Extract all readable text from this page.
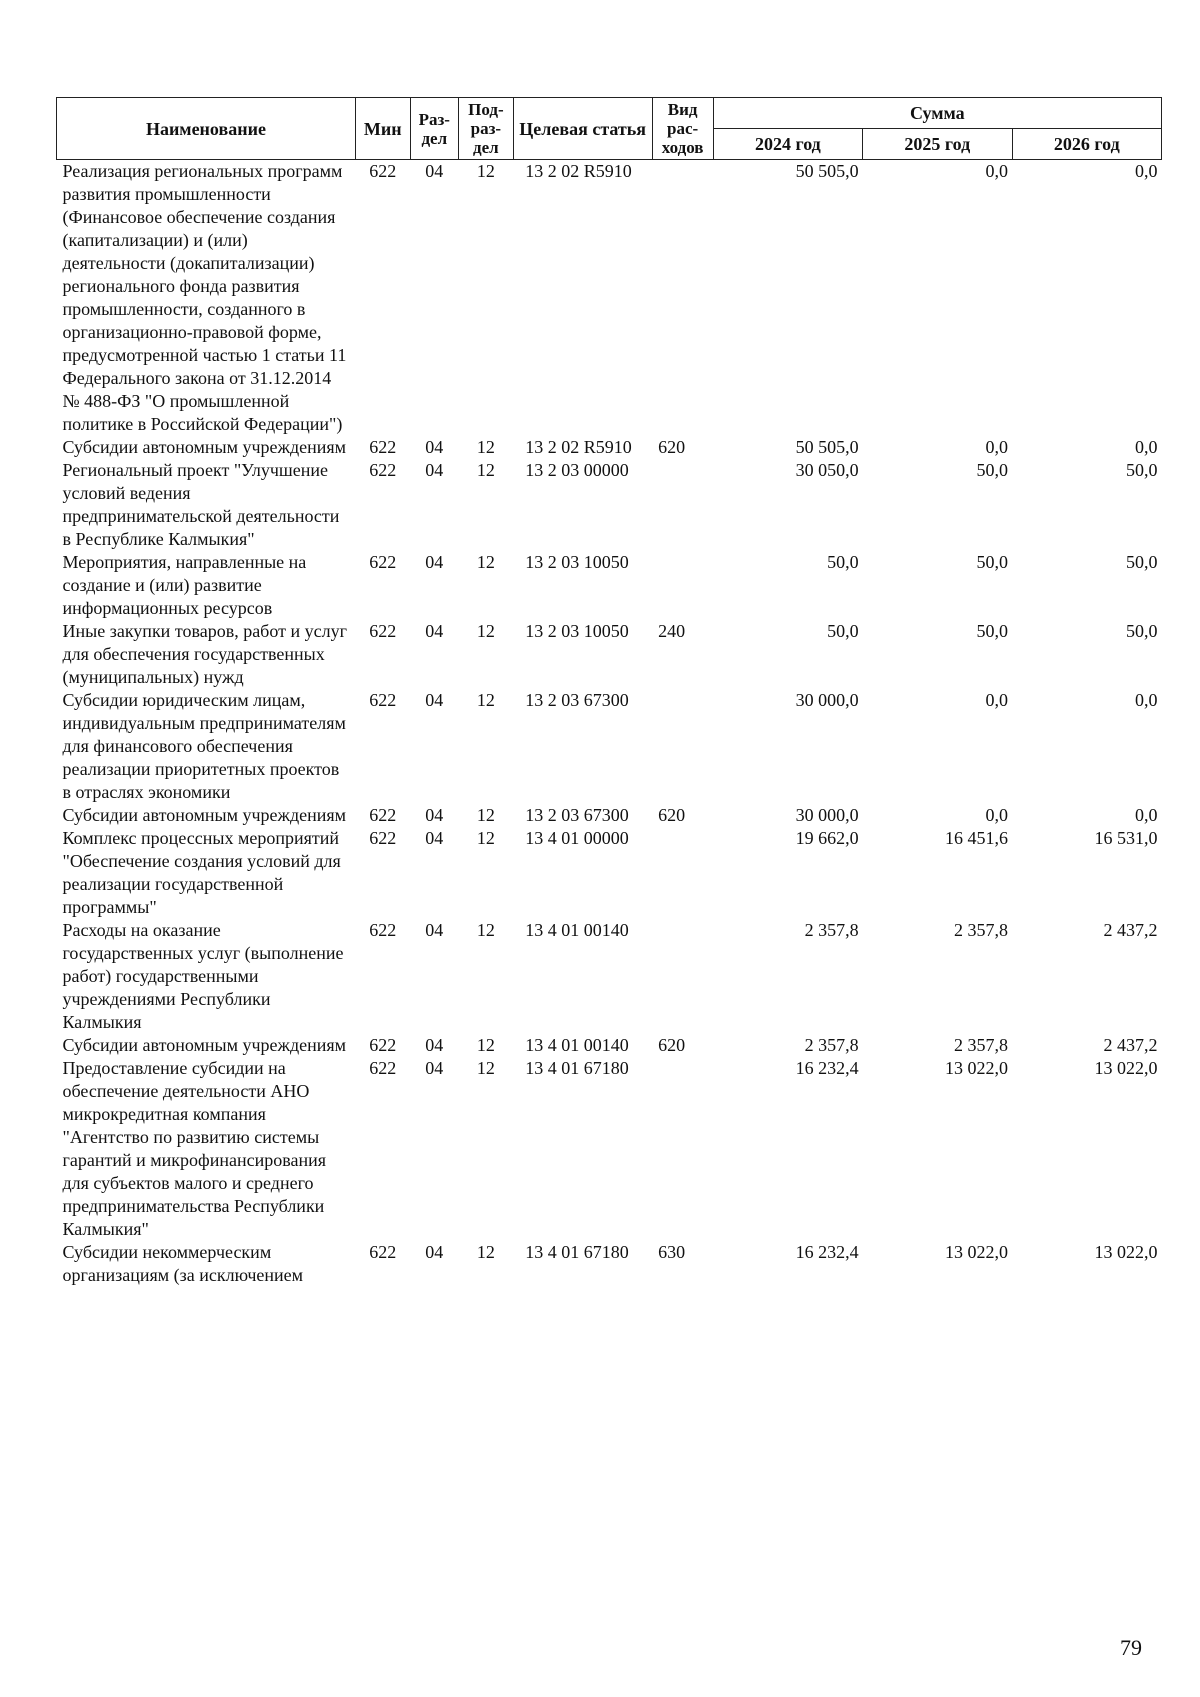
Наименование	Мин	Раз-дел	Под-раз-дел	Целевая статья	Вид рас-ходов	Сумма		
						2024 год	2025 год	2026 год
Реализация региональных программ развития промышленности (Финансовое обеспечение создания (капитализации) и (или) деятельности (докапитализации) регионального фонда развития промышленности, созданного в организационно-правовой форме, предусмотренной частью 1 статьи 11 Федерального закона от 31.12.2014 № 488-ФЗ "О промышленной политике в Российской Федерации")	622	04	12	13 2 02 R5910		50 505,0	0,0	0,0
Субсидии автономным учреждениям	622	04	12	13 2 02 R5910	620	50 505,0	0,0	0,0
Региональный проект "Улучшение условий ведения предпринимательской деятельности в Республике Калмыкия"	622	04	12	13 2 03 00000		30 050,0	50,0	50,0
Мероприятия, направленные на создание и (или) развитие информационных ресурсов	622	04	12	13 2 03 10050		50,0	50,0	50,0
Иные закупки товаров, работ и услуг для обеспечения государственных (муниципальных) нужд	622	04	12	13 2 03 10050	240	50,0	50,0	50,0
Субсидии юридическим лицам, индивидуальным предпринимателям для финансового обеспечения реализации приоритетных проектов в отраслях экономики	622	04	12	13 2 03 67300		30 000,0	0,0	0,0
Субсидии автономным учреждениям	622	04	12	13 2 03 67300	620	30 000,0	0,0	0,0
Комплекс процессных мероприятий "Обеспечение создания условий для реализации государственной программы"	622	04	12	13 4 01 00000		19 662,0	16 451,6	16 531,0
Расходы на оказание государственных услуг (выполнение работ) государственными учреждениями Республики Калмыкия	622	04	12	13 4 01 00140		2 357,8	2 357,8	2 437,2
Субсидии автономным учреждениям	622	04	12	13 4 01 00140	620	2 357,8	2 357,8	2 437,2
Предоставление субсидии на обеспечение деятельности АНО микрокредитная компания "Агентство по развитию системы гарантий и микрофинансирования для субъектов малого и среднего предпринимательства Республики Калмыкия"	622	04	12	13 4 01 67180		16 232,4	13 022,0	13 022,0
Субсидии некоммерческим организациям (за исключением	622	04	12	13 4 01 67180	630	16 232,4	13 022,0	13 022,0
79
